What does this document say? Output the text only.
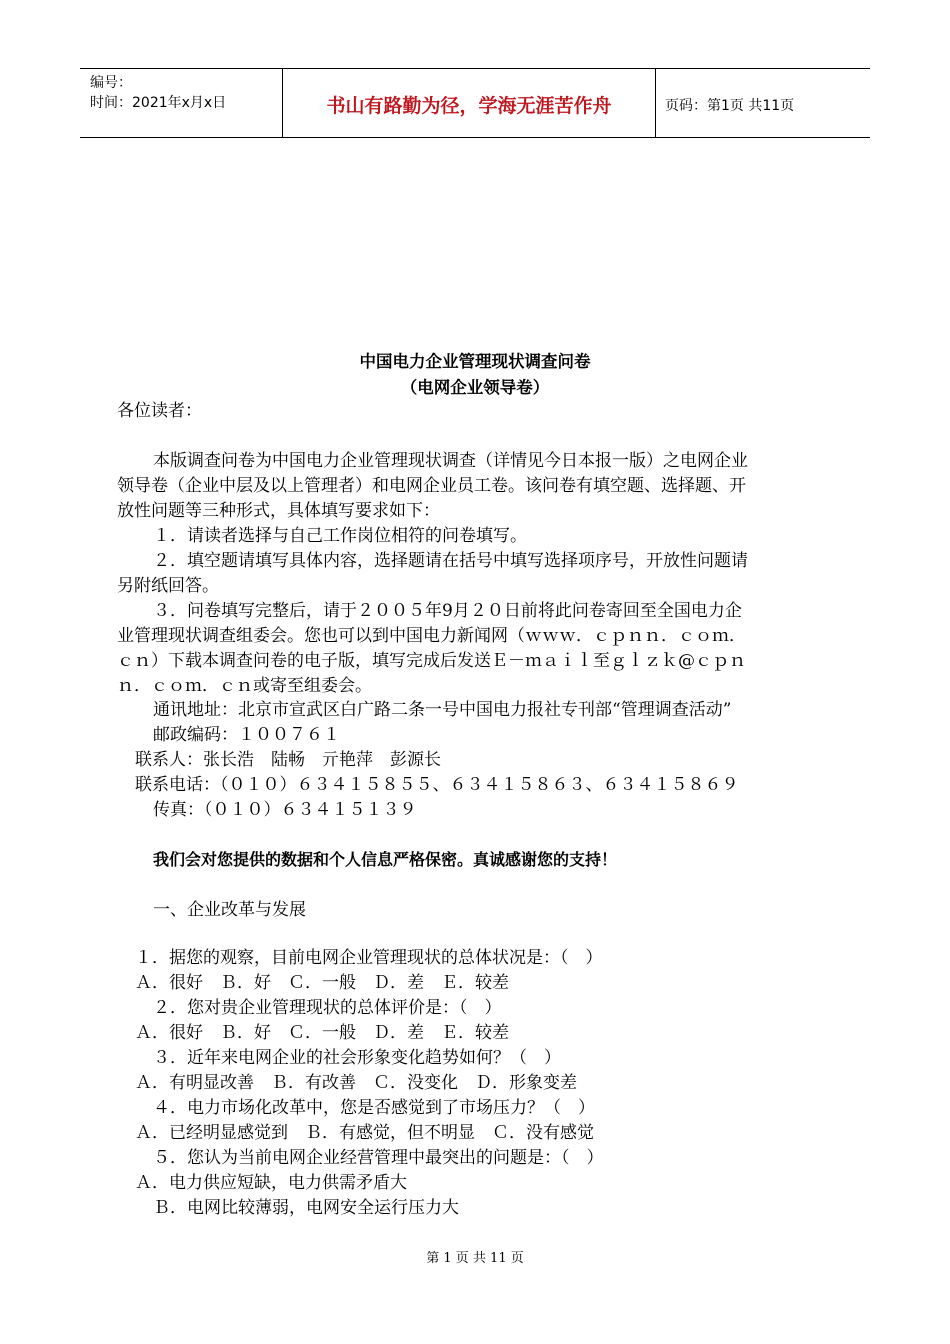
编号：
时间：2021年x月x日	书山有路勤为径，学海无涯苦作舟	页码：第1页 共11页
中国电力企业管理现状调查问卷
（电网企业领导卷）
各位读者：
本版调查问卷为中国电力企业管理现状调查（详情见今日本报一版）之电网企业
领导卷（企业中层及以上管理者）和电网企业员工卷。该问卷有填空题、选择题、开
放性问题等三种形式，具体填写要求如下：
１．请读者选择与自己工作岗位相符的问卷填写。
２．填空题请填写具体内容，选择题请在括号中填写选择项序号，开放性问题请
另附纸回答。
３．问卷填写完整后，请于２００５年9月２０日前将此问卷寄回至全国电力企
业管理现状调查组委会。您也可以到中国电力新闻网（ｗｗｗ．ｃｐｎｎ．ｃｏｍ．
ｃｎ）下载本调查问卷的电子版，填写完成后发送Ｅ－ｍａｉｌ至ｇｌｚｋ@ｃｐｎ
ｎ．ｃｏｍ．ｃｎ或寄至组委会。
通讯地址：北京市宣武区白广路二条一号中国电力报社专刊部“管理调查活动”
邮政编码：１００７６１
联系人：张长浩　陆畅　亓艳萍　彭源长
联系电话：（０１０）６３４１５８５５、６３４１５８６３、６３４１５８６９
传真：（０１０）６３４１５１３９
我们会对您提供的数据和个人信息严格保密。真诚感谢您的支持！
一、企业改革与发展
１．据您的观察，目前电网企业管理现状的总体状况是：（　）
Ａ．很好　Ｂ．好　Ｃ．一般　Ｄ．差　Ｅ．较差
２．您对贵企业管理现状的总体评价是：（　）
Ａ．很好　Ｂ．好　Ｃ．一般　Ｄ．差　Ｅ．较差
３．近年来电网企业的社会形象变化趋势如何？（　）
Ａ．有明显改善　Ｂ．有改善　Ｃ．没变化　Ｄ．形象变差
４．电力市场化改革中，您是否感觉到了市场压力？（　）
Ａ．已经明显感觉到　Ｂ．有感觉，但不明显　Ｃ．没有感觉
５．您认为当前电网企业经营管理中最突出的问题是：（　）
Ａ．电力供应短缺，电力供需矛盾大
Ｂ．电网比较薄弱，电网安全运行压力大
第 1 页 共 11 页
